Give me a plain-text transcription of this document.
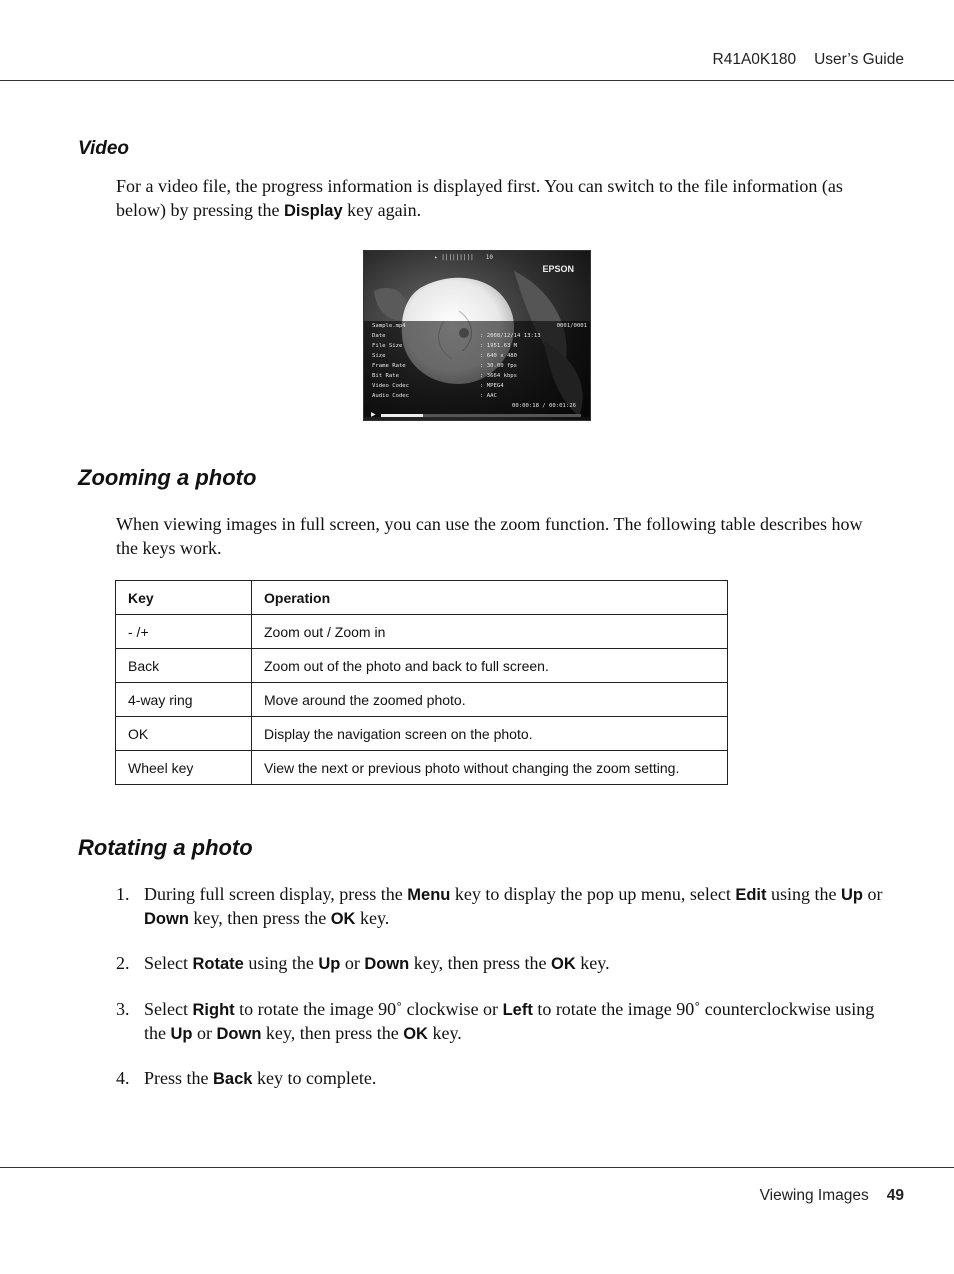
R41A0K180 User’s Guide
Video
For a video file, the progress information is displayed first. You can switch to the file information (as below) by pressing the Display key again.
✦ ||||||||| 10
EPSON
Sample.mp4	0001/0001
Date	: 2008/12/14 13:13
File Size	: 1951.63 M
Size	: 640 x 480
Frame Rate	: 30.00 fps
Bit Rate	: 3664 kbps
Video Codec	: MPEG4
Audio Codec	: AAC
00:00:18 / 00:01:26
▶
Zooming a photo
When viewing images in full screen, you can use the zoom function. The following table describes how the keys work.
Key	Operation
- /+	Zoom out / Zoom in
Back	Zoom out of the photo and back to full screen.
4-way ring	Move around the zoomed photo.
OK	Display the navigation screen on the photo.
Wheel key	View the next or previous photo without changing the zoom setting.
Rotating a photo
1. During full screen display, press the Menu key to display the pop up menu, select Edit using the Up or Down key, then press the OK key.
2. Select Rotate using the Up or Down key, then press the OK key.
3. Select Right to rotate the image 90˚ clockwise or Left to rotate the image 90˚ counterclockwise using the Up or Down key, then press the OK key.
4. Press the Back key to complete.
Viewing Images 49
